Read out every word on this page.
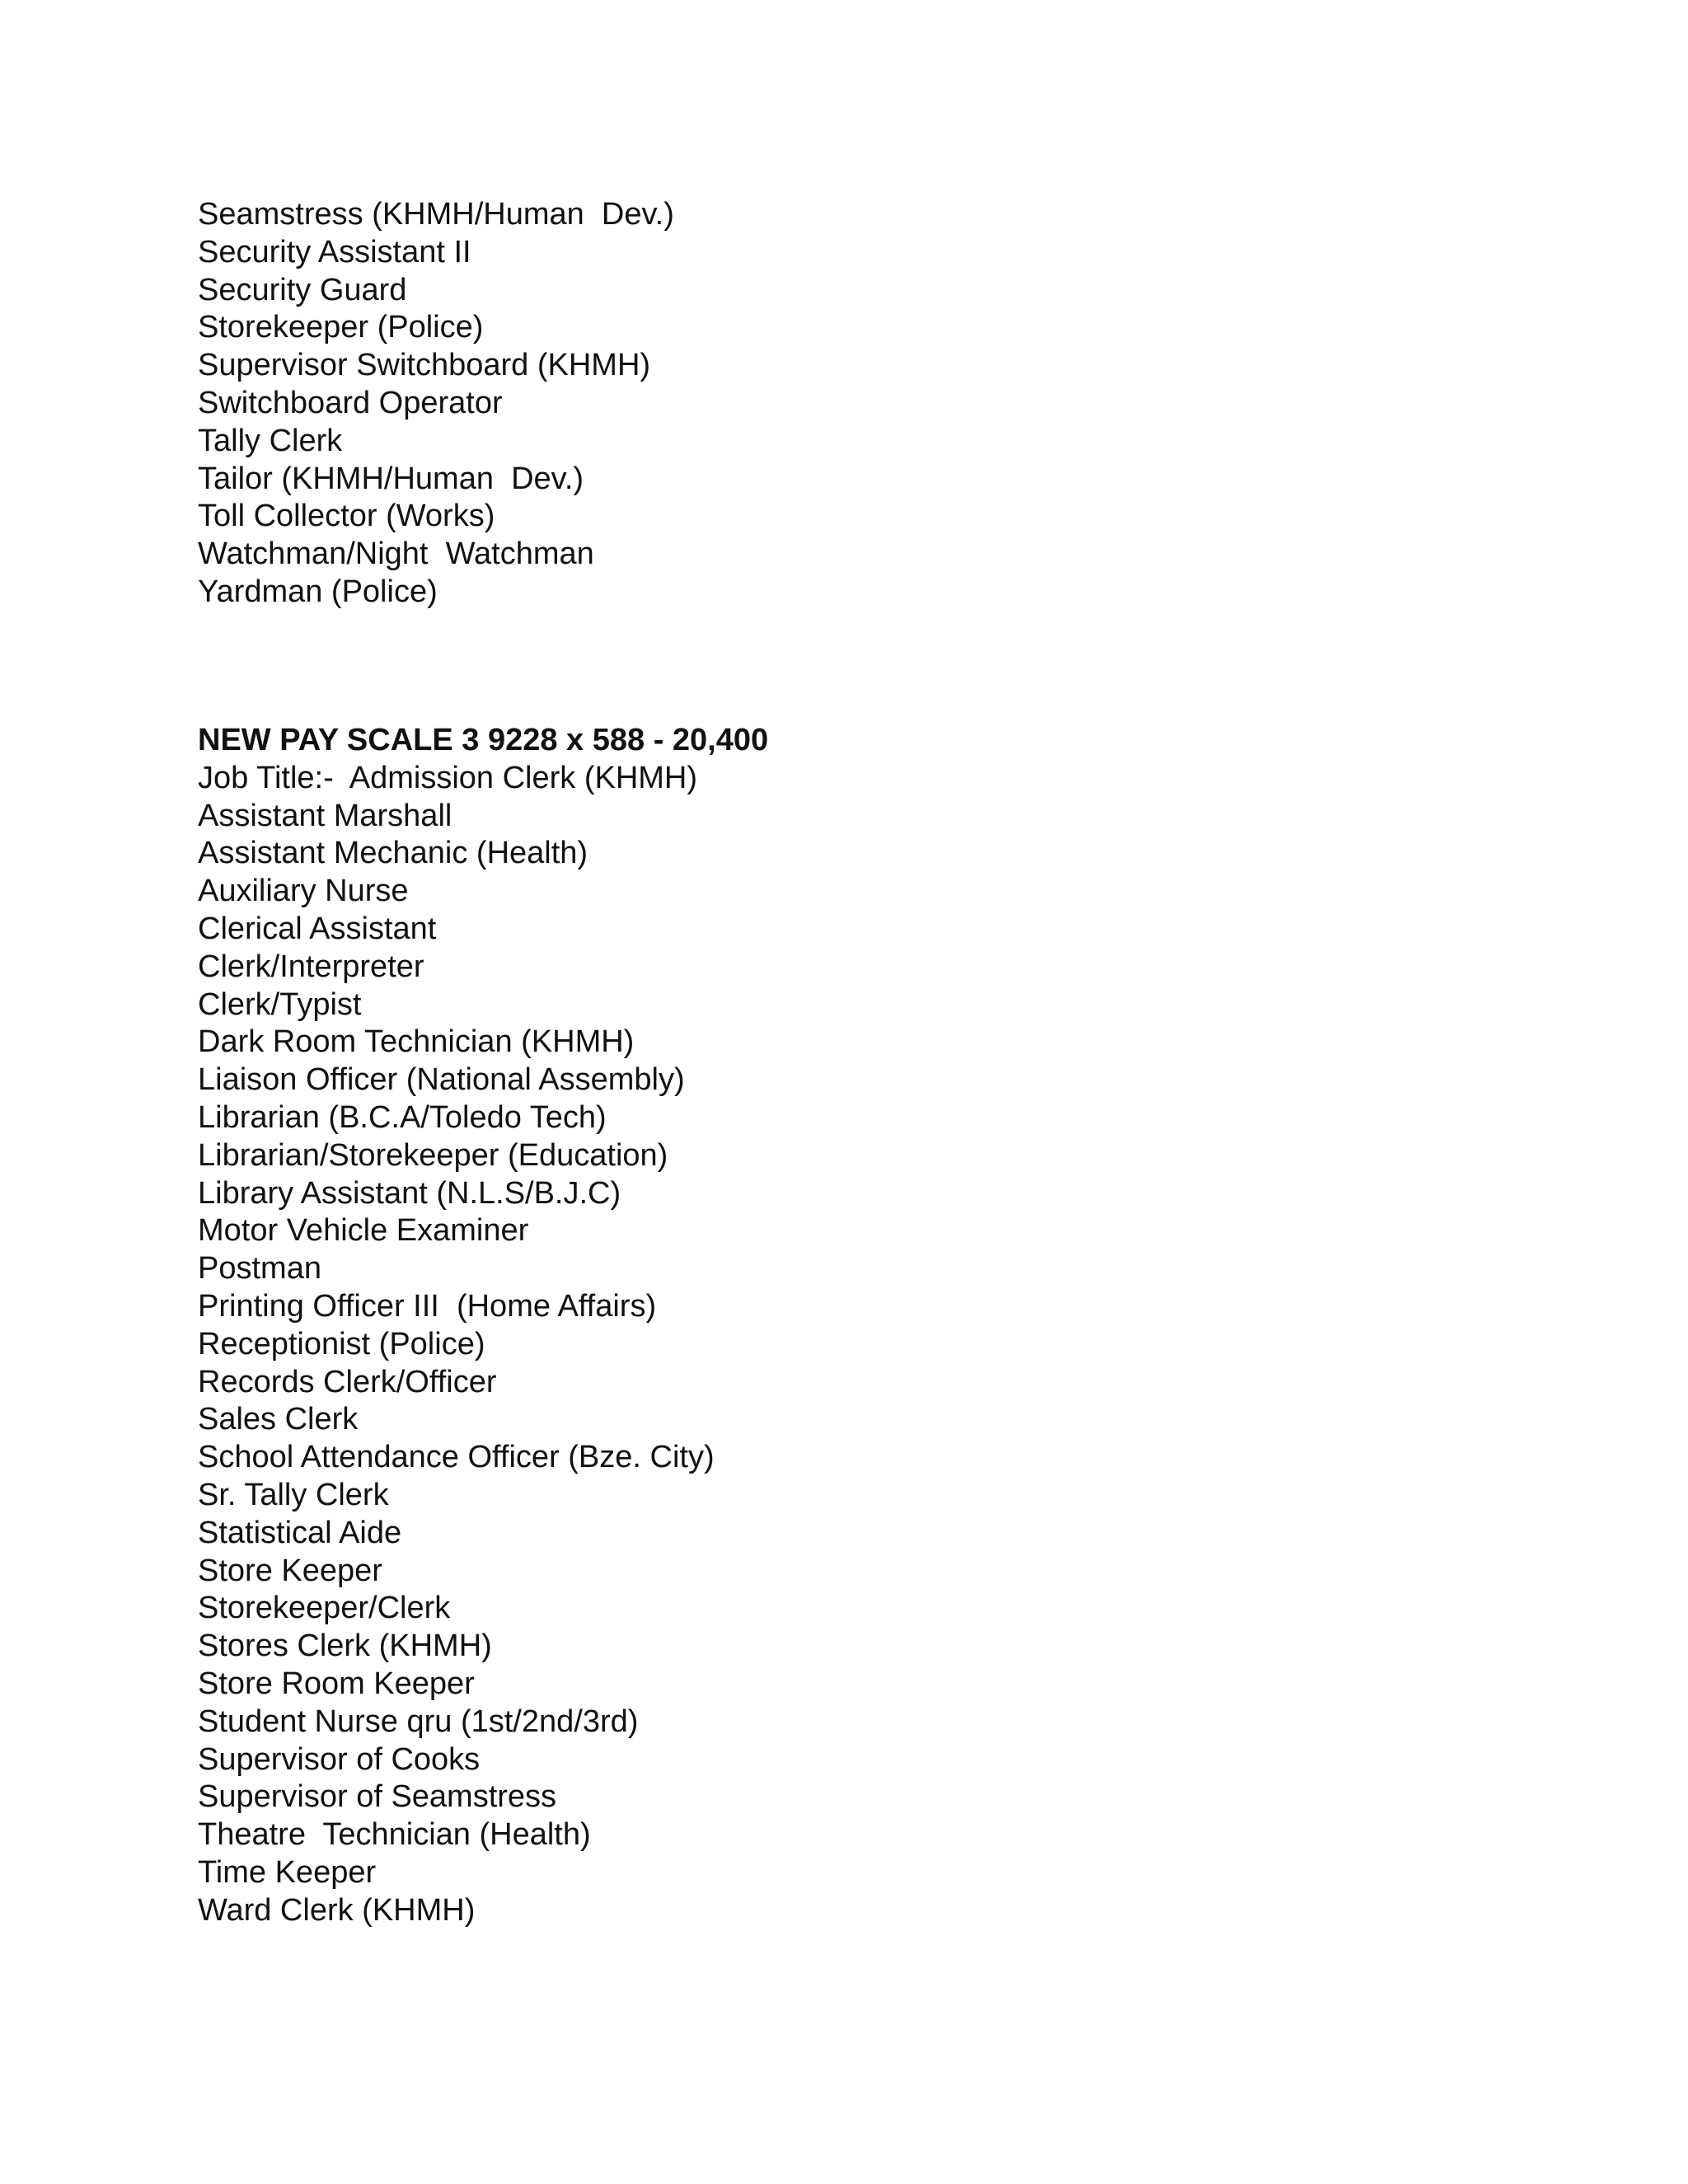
Seamstress (KHMH/Human  Dev.)
Security Assistant II
Security Guard
Storekeeper (Police)
Supervisor Switchboard (KHMH)
Switchboard Operator
Tally Clerk
Tailor (KHMH/Human  Dev.)
Toll Collector (Works)
Watchman/Night  Watchman
Yardman (Police)
NEW PAY SCALE 3 9228 x 588 - 20,400
Job Title:-  Admission Clerk (KHMH)
Assistant Marshall
Assistant Mechanic (Health)
Auxiliary Nurse
Clerical Assistant
Clerk/Interpreter
Clerk/Typist
Dark Room Technician (KHMH)
Liaison Officer (National Assembly)
Librarian (B.C.A/Toledo Tech)
Librarian/Storekeeper (Education)
Library Assistant (N.L.S/B.J.C)
Motor Vehicle Examiner
Postman
Printing Officer III  (Home Affairs)
Receptionist (Police)
Records Clerk/Officer
Sales Clerk
School Attendance Officer (Bze. City)
Sr. Tally Clerk
Statistical Aide
Store Keeper
Storekeeper/Clerk
Stores Clerk (KHMH)
Store Room Keeper
Student Nurse qru (1st/2nd/3rd)
Supervisor of Cooks
Supervisor of Seamstress
Theatre  Technician (Health)
Time Keeper
Ward Clerk (KHMH)
